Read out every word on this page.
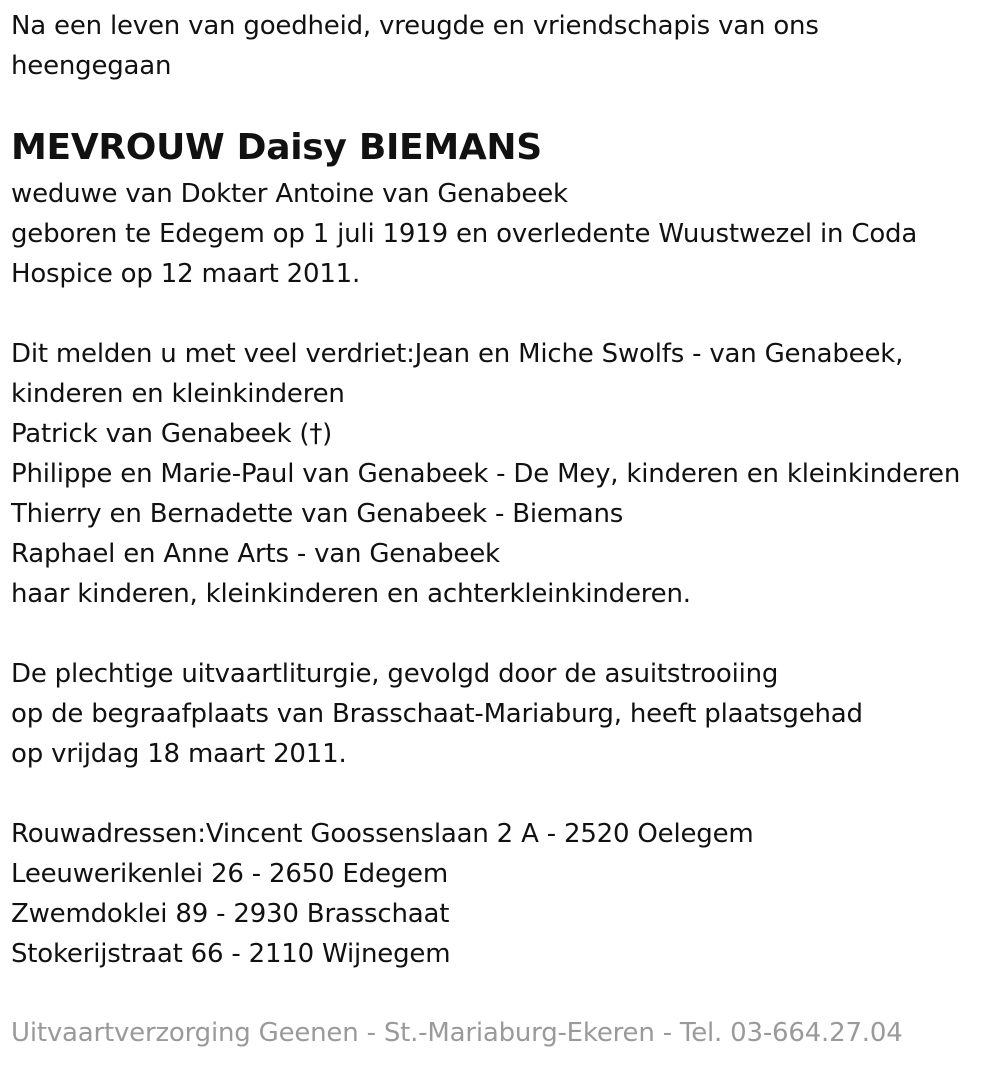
Na een leven van goedheid, vreugde en vriendschapis van ons
heengegaan
MEVROUW Daisy BIEMANS
weduwe van Dokter Antoine van Genabeek
geboren te Edegem op 1 juli 1919 en overledente Wuustwezel in Coda
Hospice op 12 maart 2011.
Dit melden u met veel verdriet:Jean en Miche Swolfs - van Genabeek,
kinderen en kleinkinderen
Patrick van Genabeek (†)
Philippe en Marie-Paul van Genabeek - De Mey, kinderen en kleinkinderen
Thierry en Bernadette van Genabeek - Biemans
Raphael en Anne Arts - van Genabeek
haar kinderen, kleinkinderen en achterkleinkinderen.
De plechtige uitvaartliturgie, gevolgd door de asuitstrooiing
op de begraafplaats van Brasschaat-Mariaburg, heeft plaatsgehad
op vrijdag 18 maart 2011.
Rouwadressen:Vincent Goossenslaan 2 A - 2520 Oelegem
Leeuwerikenlei 26 - 2650 Edegem
Zwemdoklei 89 - 2930 Brasschaat
Stokerijstraat 66 - 2110 Wijnegem
Uitvaartverzorging Geenen - St.-Mariaburg-Ekeren - Tel. 03-664.27.04
